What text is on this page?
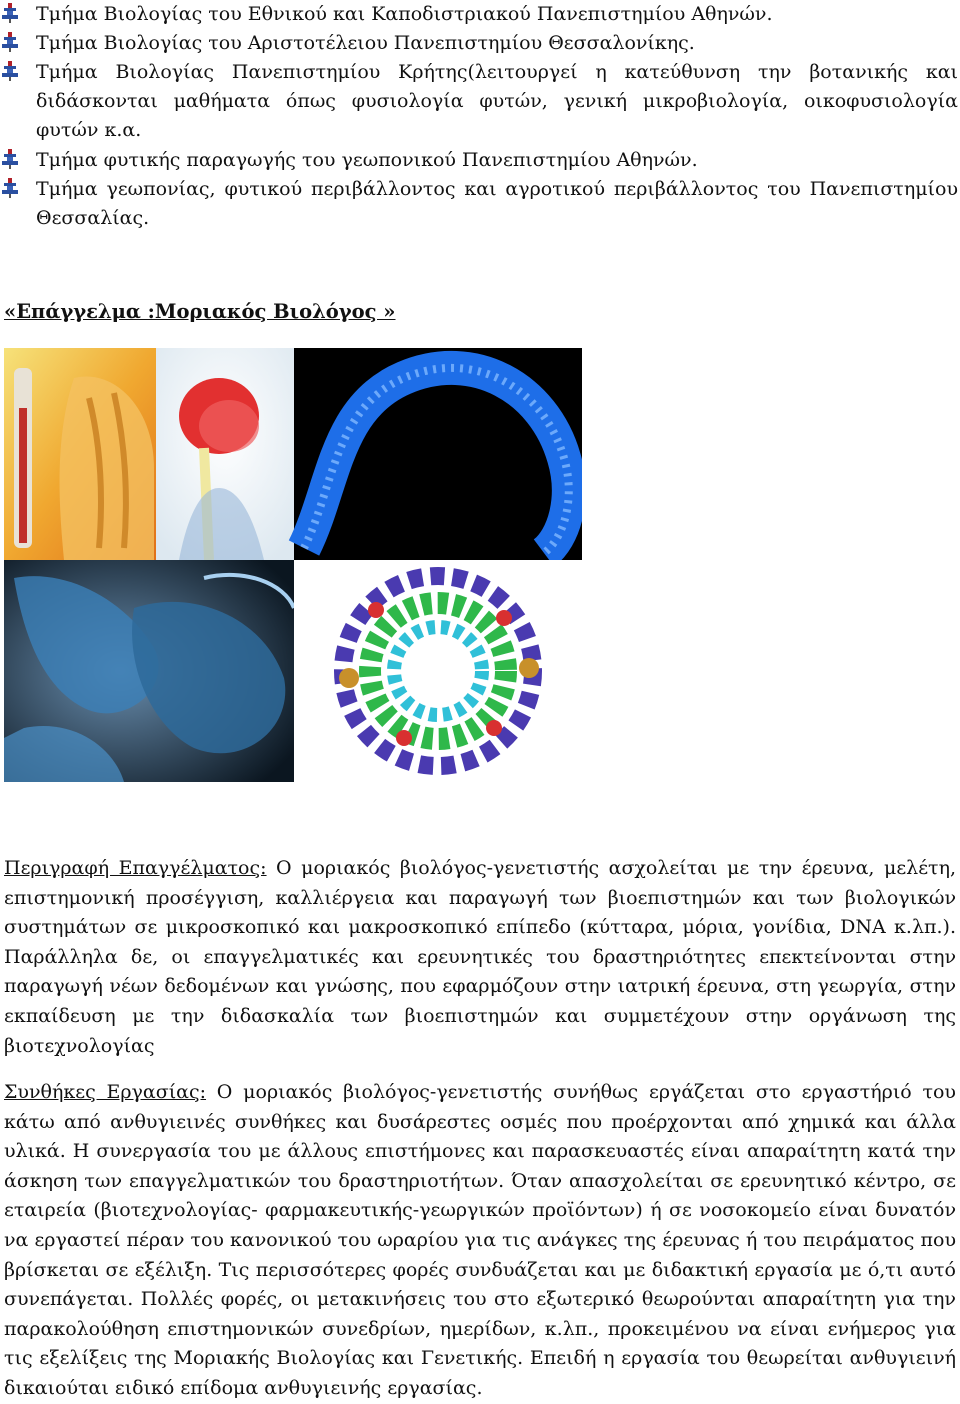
Τμήμα Βιολογίας του Εθνικού και Καποδιστριακού Πανεπιστημίου Αθηνών.
Τμήμα Βιολογίας του Αριστοτέλειου Πανεπιστημίου Θεσσαλονίκης.
Τμήμα Βιολογίας Πανεπιστημίου Κρήτης(λειτουργεί η κατεύθυνση την βοτανικής και διδάσκονται μαθήματα όπως φυσιολογία φυτών, γενική μικροβιολογία, οικοφυσιολογία φυτών κ.α.
Τμήμα φυτικής παραγωγής του γεωπονικού Πανεπιστημίου Αθηνών.
Τμήμα γεωπονίας, φυτικού περιβάλλοντος και αγροτικού περιβάλλοντος του Πανεπιστημίου Θεσσαλίας.
«Επάγγελμα :Μοριακός Βιολόγος »

Περιγραφή Επαγγέλματος: Ο μοριακός βιολόγος-γενετιστής ασχολείται με την έρευνα, μελέτη, επιστημονική προσέγγιση, καλλιέργεια και παραγωγή των βιοεπιστημών και των βιολογικών συστημάτων σε μικροσκοπικό και μακροσκοπικό επίπεδο (κύτταρα, μόρια, γονίδια, DNA κ.λπ.). Παράλληλα δε, οι επαγγελματικές και ερευνητικές του δραστηριότητες επεκτείνονται στην παραγωγή νέων δεδομένων και γνώσης, που εφαρμόζουν στην ιατρική έρευνα, στη γεωργία, στην εκπαίδευση με την διδασκαλία των βιοεπιστημών και συμμετέχουν στην οργάνωση της βιοτεχνολογίας

Συνθήκες Εργασίας: Ο μοριακός βιολόγος-γενετιστής συνήθως εργάζεται στο εργαστήριό του κάτω από ανθυγιεινές συνθήκες και δυσάρεστες οσμές που προέρχονται από χημικά και άλλα υλικά. Η συνεργασία του με άλλους επιστήμονες και παρασκευαστές είναι απαραίτητη κατά την άσκηση των επαγγελματικών του δραστηριοτήτων. Όταν απασχολείται σε ερευνητικό κέντρο, σε εταιρεία (βιοτεχνολογίας- φαρμακευτικής-γεωργικών προϊόντων) ή σε νοσοκομείο είναι δυνατόν να εργαστεί πέραν του κανονικού του ωραρίου για τις ανάγκες της έρευνας ή του πειράματος που βρίσκεται σε εξέλιξη. Τις περισσότερες φορές συνδυάζεται και με διδακτική εργασία με ό,τι αυτό συνεπάγεται. Πολλές φορές, οι μετακινήσεις του στο εξωτερικό θεωρούνται απαραίτητη για την παρακολούθηση επιστημονικών συνεδρίων, ημερίδων, κ.λπ., προκειμένου να είναι ενήμερος για τις εξελίξεις της Μοριακής Βιολογίας και Γενετικής. Επειδή η εργασία του θεωρείται ανθυγιεινή δικαιούται ειδικό επίδομα ανθυγιεινής εργασίας.
